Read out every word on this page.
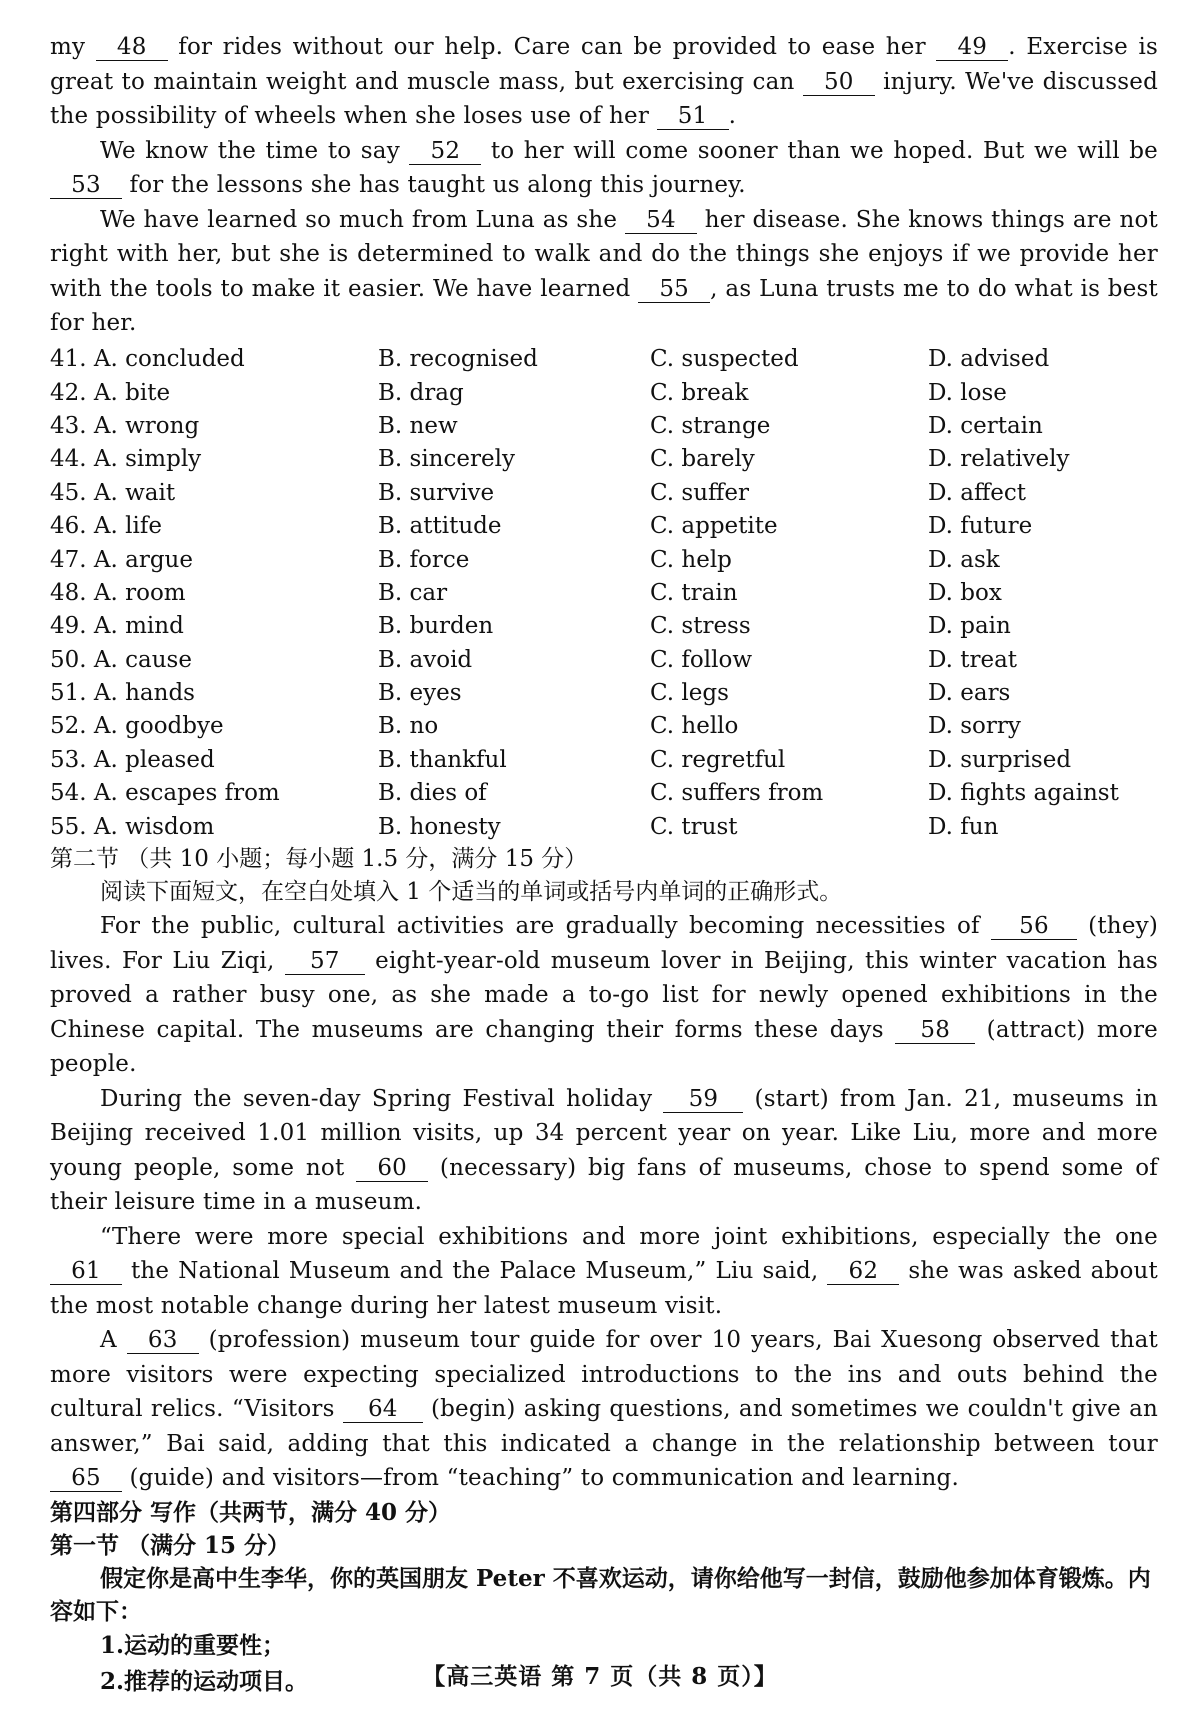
my 48 for rides without our help. Care can be provided to ease her 49 . Exercise is great to maintain weight and muscle mass, but exercising can 50 injury. We've discussed the possibility of wheels when she loses use of her 51 .

We know the time to say 52 to her will come sooner than we hoped. But we will be 53 for the lessons she has taught us along this journey.

We have learned so much from Luna as she 54 her disease. She knows things are not right with her, but she is determined to walk and do the things she enjoys if we provide her with the tools to make it easier. We have learned 55 , as Luna trusts me to do what is best for her.

41. A. concluded	B. recognised	C. suspected	D. advised
42. A. bite	B. drag	C. break	D. lose
43. A. wrong	B. new	C. strange	D. certain
44. A. simply	B. sincerely	C. barely	D. relatively
45. A. wait	B. survive	C. suffer	D. affect
46. A. life	B. attitude	C. appetite	D. future
47. A. argue	B. force	C. help	D. ask
48. A. room	B. car	C. train	D. box
49. A. mind	B. burden	C. stress	D. pain
50. A. cause	B. avoid	C. follow	D. treat
51. A. hands	B. eyes	C. legs	D. ears
52. A. goodbye	B. no	C. hello	D. sorry
53. A. pleased	B. thankful	C. regretful	D. surprised
54. A. escapes from	B. dies of	C. suffers from	D. fights against
55. A. wisdom	B. honesty	C. trust	D. fun

第二节 （共 10 小题；每小题 1.5 分，满分 15 分）

阅读下面短文，在空白处填入 1 个适当的单词或括号内单词的正确形式。

For the public, cultural activities are gradually becoming necessities of 56 (they) lives. For Liu Ziqi, 57 eight-year-old museum lover in Beijing, this winter vacation has proved a rather busy one, as she made a to-go list for newly opened exhibitions in the Chinese capital. The museums are changing their forms these days 58 (attract) more people.

During the seven-day Spring Festival holiday 59 (start) from Jan. 21, museums in Beijing received 1.01 million visits, up 34 percent year on year. Like Liu, more and more young people, some not 60 (necessary) big fans of museums, chose to spend some of their leisure time in a museum.

“There were more special exhibitions and more joint exhibitions, especially the one 61 the National Museum and the Palace Museum,” Liu said, 62 she was asked about the most notable change during her latest museum visit.

A 63 (profession) museum tour guide for over 10 years, Bai Xuesong observed that more visitors were expecting specialized introductions to the ins and outs behind the cultural relics. “Visitors 64 (begin) asking questions, and sometimes we couldn't give an answer,” Bai said, adding that this indicated a change in the relationship between tour 65 (guide) and visitors—from “teaching” to communication and learning.

第四部分 写作（共两节，满分 40 分）

第一节 （满分 15 分）

假定你是高中生李华，你的英国朋友 Peter 不喜欢运动，请你给他写一封信，鼓励他参加体育锻炼。内容如下：

1.运动的重要性；

2.推荐的运动项目。	【高三英语 第 7 页（共 8 页）】
